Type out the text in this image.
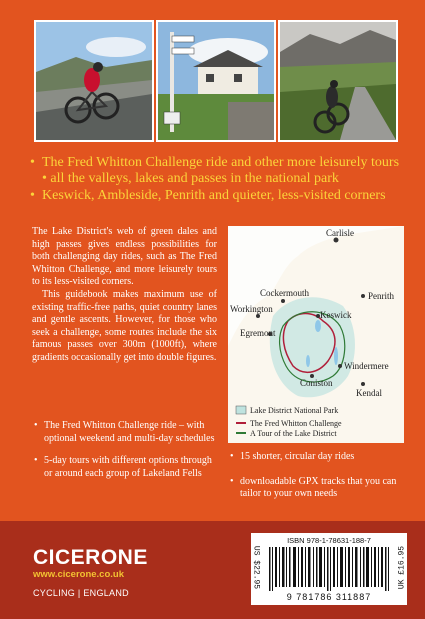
• The Fred Whitton Challenge ride and other more leisurely tours • all the valleys, lakes and passes in the national park
• Keswick, Ambleside, Penrith and quieter, less-visited corners

The Lake District's web of green dales and high passes gives endless possibilities for both challenging day rides, such as The Fred Whitton Challenge, and more leisurely tours to its less-visited corners.

This guidebook makes maximum use of existing traffic-free paths, quiet country lanes and gentle ascents. However, for those who seek a challenge, some routes include the six famous passes over 300m (1000ft), where gradients occasionally get into double figures.

• The Fred Whitton Challenge ride – with optional weekend and multi-day schedules
• 5-day tours with different options through or around each group of Lakeland Fells
• 15 shorter, circular day rides
• downloadable GPX tracks that you can tailor to your own needs
Carlisle
Cockermouth	Penrith
Workington
Keswick
Egremont
Coniston
Windermere
Kendal
Lake District National Park
The Fred Whitton Challenge
A Tour of the Lake District
CICERONE
www.cicerone.co.uk
CYCLING | ENGLAND
US $22.95	UK £16.95
ISBN 978-1-78631-188-7
9 781786 311887
